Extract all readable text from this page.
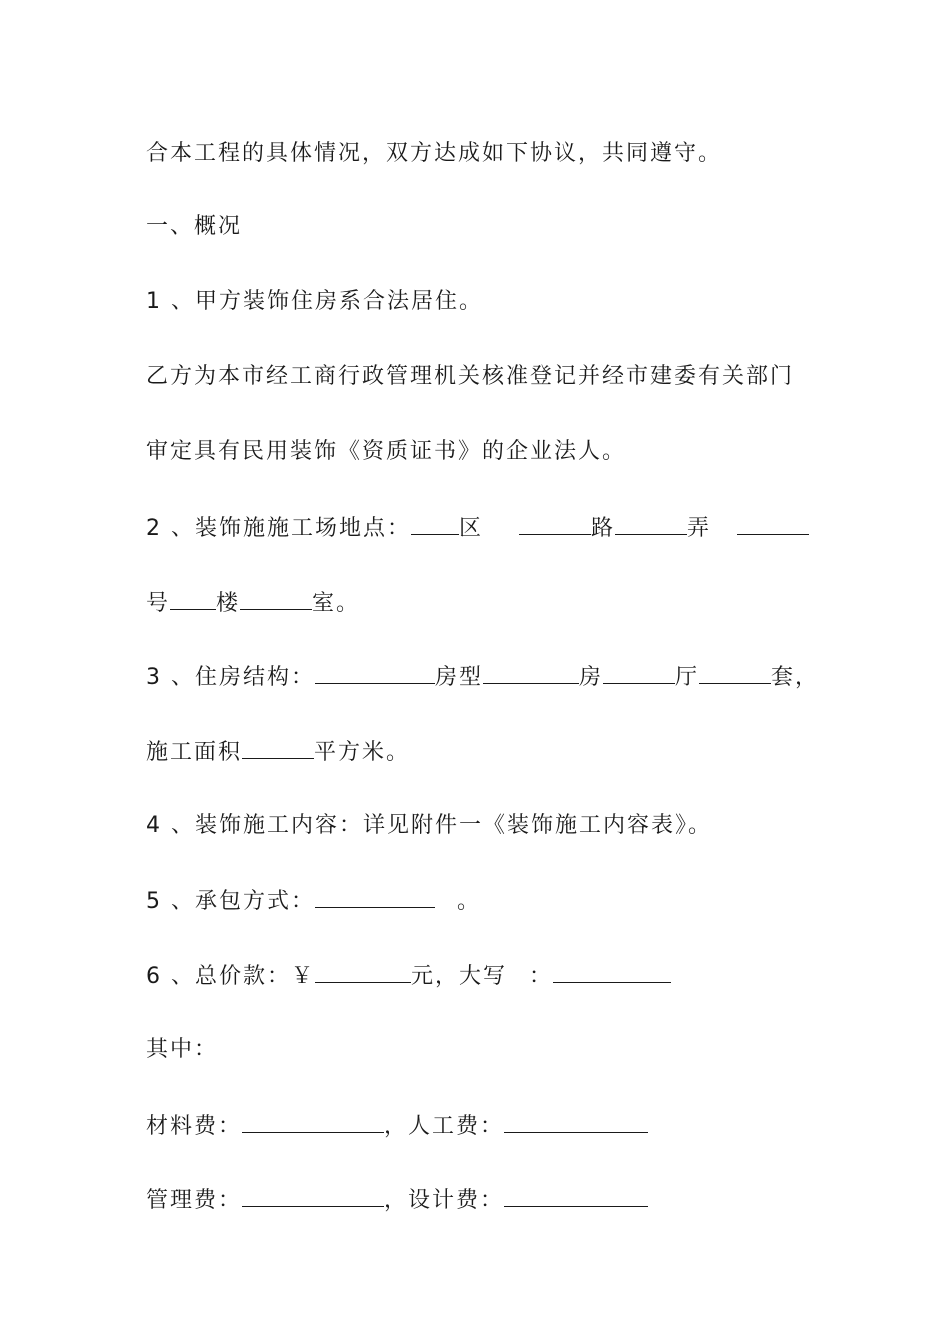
合本工程的具体情况，双方达成如下协议，共同遵守。
一、概况
1 、甲方装饰住房系合法居住。
乙方为本市经工商行政管理机关核准登记并经市建委有关部门
审定具有民用装饰《资质证书》的企业法人。
2 、装饰施施工场地点： 区	路	弄
号 楼	室。
3 、住房结构：	房型	房	厅	套，
施工面积	平方米。
4 、装饰施工内容：详见附件一《装饰施工内容表》。
5 、承包方式：	。
6 、总价款：￥	元，大写 ：
其中：
材料费：	，人工费：
管理费：	，设计费：
